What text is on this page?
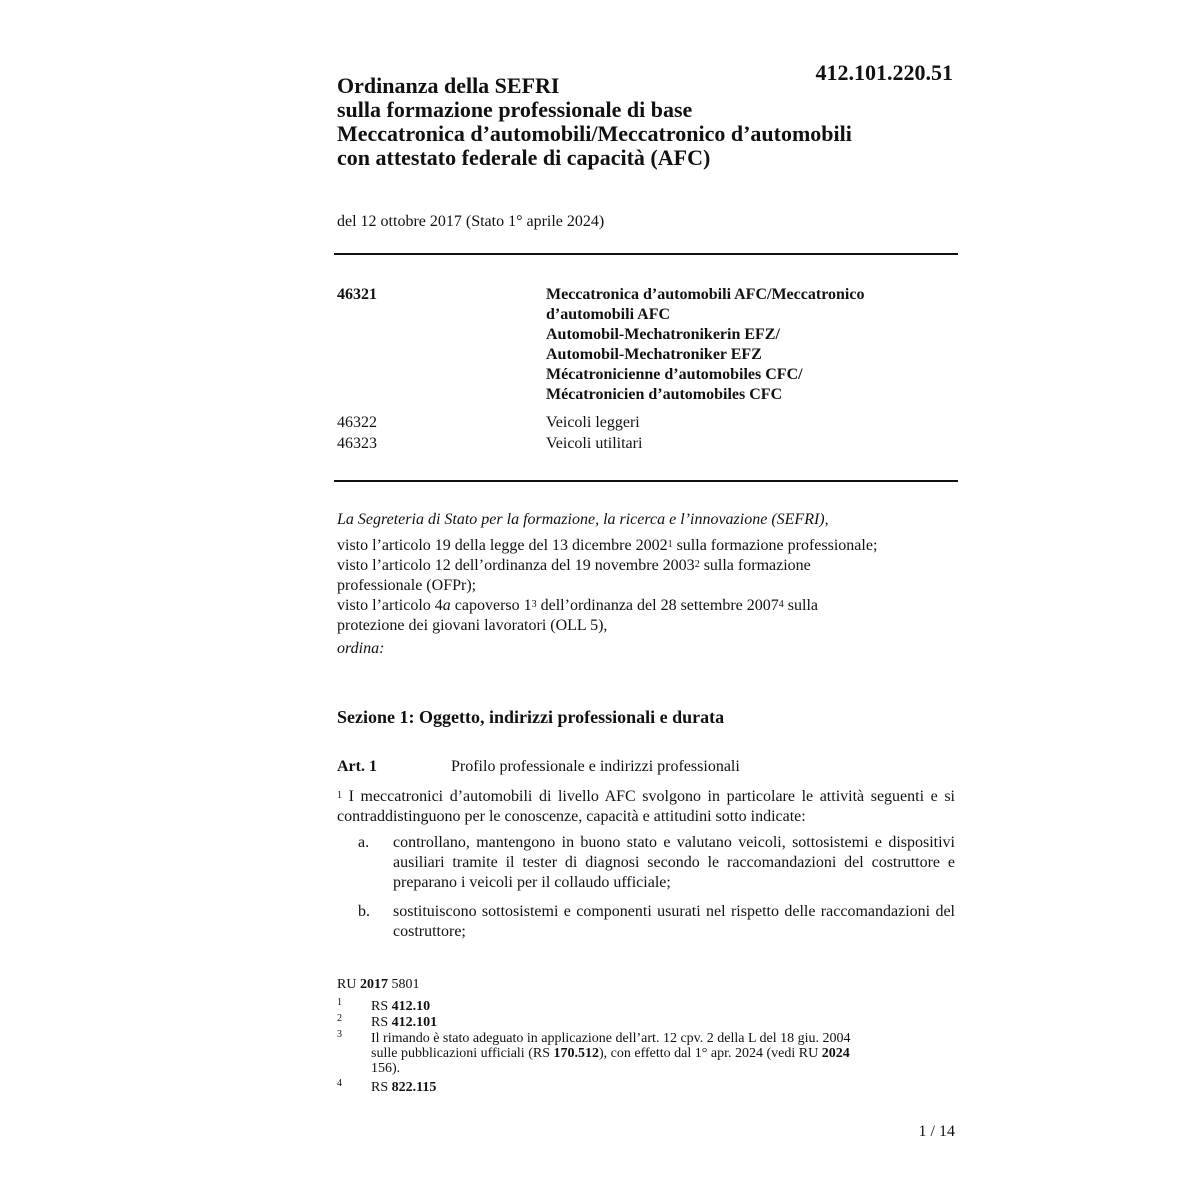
412.101.220.51
Ordinanza della SEFRI
sulla formazione professionale di base
Meccatronica d’automobili/Meccatronico d’automobili
con attestato federale di capacità (AFC)
del 12 ottobre 2017 (Stato 1° aprile 2024)
46321	Meccatronica d’automobili AFC/Meccatronico
d’automobili AFC
Automobil-Mechatronikerin EFZ/
Automobil-Mechatroniker EFZ
Mécatronicienne d’automobiles CFC/
Mécatronicien d’automobiles CFC
46322	Veicoli leggeri
46323	Veicoli utilitari

La Segreteria di Stato per la formazione, la ricerca e l’innovazione (SEFRI),

visto l’articolo 19 della legge del 13 dicembre 2002$^1$ sulla formazione professionale;
visto l’articolo 12 dell’ordinanza del 19 novembre 2003$^2$ sulla formazione
professionale (OFPr);
visto l’articolo 4a capoverso $1^3$ dell’ordinanza del 28 settembre 2007$^4$ sulla
protezione dei giovani lavoratori (OLL 5),

ordina:

Sezione 1: Oggetto, indirizzi professionali e durata
Art. 1	Profilo professionale e indirizzi professionali
$^1$ I meccatronici d’automobili di livello AFC svolgono in particolare le attività seguenti e si contraddistinguono per le conoscenze, capacità e attitudini sotto indicate:
a. controllano, mantengono in buono stato e valutano veicoli, sottosistemi e dispositivi ausiliari tramite il tester di diagnosi secondo le raccomandazioni del costruttore e preparano i veicoli per il collaudo ufficiale;
b. sostituiscono sottosistemi e componenti usurati nel rispetto delle raccomandazioni del costruttore;
RU 2017 5801
1 RS 412.10
2 RS 412.101
3 Il rimando è stato adeguato in applicazione dell’art. 12 cpv. 2 della L del 18 giu. 2004
sulle pubblicazioni ufficiali (RS 170.512), con effetto dal 1° apr. 2024 (vedi RU 2024
156).
4 RS 822.115
1 / 14
